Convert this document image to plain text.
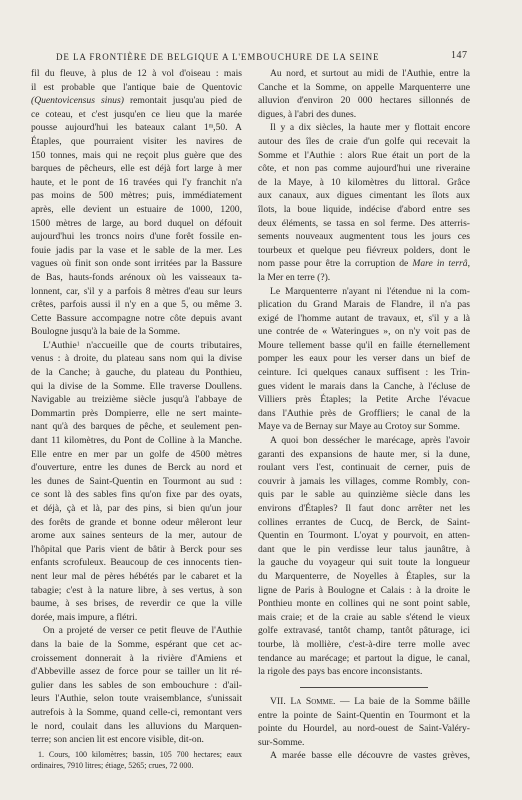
DE LA FRONTIÈRE DE BELGIQUE A L'EMBOUCHURE DE LA SEINE	147
fil du fleuve, à plus de 12 à vol d'oiseau : mais
il est probable que l'antique baie de Quentovic
(Quentovicensus sinus) remontait jusqu'au pied de
ce coteau, et c'est jusqu'en ce lieu que la marée
pousse aujourd'hui les bateaux calant 1$^m$,50. A
Étaples, que pourraient visiter les navires de
150 tonnes, mais qui ne reçoit plus guère que des
barques de pêcheurs, elle est déjà fort large à mer
haute, et le pont de 16 travées qui l'y franchit n'a
pas moins de 500 mètres; puis, immédiatement
après, elle devient un estuaire de 1000, 1200,
1500 mètres de large, au bord duquel on défouit
aujourd'hui les troncs noirs d'une forêt fossile en-
fouie jadis par la vase et le sable de la mer. Les
vagues où finit son onde sont irritées par la Bassure
de Bas, hauts-fonds arénoux où les vaisseaux ta-
lonnent, car, s'il y a parfois 8 mètres d'eau sur leurs
crêtes, parfois aussi il n'y en a que 5, ou même 3.
Cette Bassure accompagne notre côte depuis avant
Boulogne jusqu'à la baie de la Somme.
L'Authie$^1$ n'accueille que de courts tributaires,
venus : à droite, du plateau sans nom qui la divise
de la Canche; à gauche, du plateau du Ponthieu,
qui la divise de la Somme. Elle traverse Doullens.
Navigable au treizième siècle jusqu'à l'abbaye de
Dommartin près Dompierre, elle ne sert mainte-
nant qu'à des barques de pêche, et seulement pen-
dant 11 kilomètres, du Pont de Colline à la Manche.
Elle entre en mer par un golfe de 4500 mètres
d'ouverture, entre les dunes de Berck au nord et
les dunes de Saint-Quentin en Tourmont au sud :
ce sont là des sables fins qu'on fixe par des oyats,
et déjà, çà et là, par des pins, si bien qu'un jour
des forêts de grande et bonne odeur mêleront leur
arome aux saines senteurs de la mer, autour de
l'hôpital que Paris vient de bâtir à Berck pour ses
enfants scrofuleux. Beaucoup de ces innocents tien-
nent leur mal de pères hébétés par le cabaret et la
tabagie; c'est à la nature libre, à ses vertus, à son
baume, à ses brises, de reverdir ce que la ville
dorée, mais impure, a flétri.
On a projeté de verser ce petit fleuve de l'Authie
dans la baie de la Somme, espérant que cet ac-
croissement donnerait à la rivière d'Amiens et
d'Abbeville assez de force pour se tailler un lit ré-
gulier dans les sables de son embouchure : d'ail-
leurs l'Authie, selon toute vraisemblance, s'unissait
autrefois à la Somme, quand celle-ci, remontant vers
le nord, coulait dans les alluvions du Marquen-
terre; son ancien lit est encore visible, dit-on.
1. Cours, 100 kilomètres; bassin, 105 700 hectares; eaux
ordinaires, 7910 litres; étiage, 5265; crues, 72 000.
Au nord, et surtout au midi de l'Authie, entre la
Canche et la Somme, on appelle Marquenterre une
alluvion d'environ 20 000 hectares sillonnés de
digues, à l'abri des dunes.
Il y a dix siècles, la haute mer y flottait encore
autour des îles de craie d'un golfe qui recevait la
Somme et l'Authie : alors Rue était un port de la
côte, et non pas comme aujourd'hui une riveraine
de la Maye, à 10 kilomètres du littoral. Grâce
aux canaux, aux digues cimentant les îlots aux
îlots, la boue liquide, indécise d'abord entre ses
deux éléments, se tassa en sol ferme. Des atterris-
sements nouveaux augmentent tous les jours ces
tourbeux et quelque peu fiévreux polders, dont le
nom passe pour être la corruption de Mare in terrâ,
la Mer en terre (?).
Le Marquenterre n'ayant ni l'étendue ni la com-
plication du Grand Marais de Flandre, il n'a pas
exigé de l'homme autant de travaux, et, s'il y a là
une contrée de « Wateringues », on n'y voit pas de
Moure tellement basse qu'il en faille éternellement
pomper les eaux pour les verser dans un bief de
ceinture. Ici quelques canaux suffisent : les Trin-
gues vident le marais dans la Canche, à l'écluse de
Villiers près Étaples; la Petite Arche l'évacue
dans l'Authie près de Groffliers; le canal de la
Maye va de Bernay sur Maye au Crotoy sur Somme.
A quoi bon dessécher le marécage, après l'avoir
garanti des expansions de haute mer, si la dune,
roulant vers l'est, continuait de cerner, puis de
couvrir à jamais les villages, comme Rombly, con-
quis par le sable au quinzième siècle dans les
environs d'Étaples? Il faut donc arrêter net les
collines errantes de Cucq, de Berck, de Saint-
Quentin en Tourmont. L'oyat y pourvoit, en atten-
dant que le pin verdisse leur talus jaunâtre, à
la gauche du voyageur qui suit toute la longueur
du Marquenterre, de Noyelles à Étaples, sur la
ligne de Paris à Boulogne et Calais : à la droite le
Ponthieu monte en collines qui ne sont point sable,
mais craie; et de la craie au sable s'étend le vieux
golfe extravasé, tantôt champ, tantôt pâturage, ici
tourbe, là mollière, c'est-à-dire terre molle avec
tendance au marécage; et partout la digue, le canal,
la rigole des pays bas encore inconsistants.
VII. La Somme. — La baie de la Somme bâille
entre la pointe de Saint-Quentin en Tourmont et la
pointe du Hourdel, au nord-ouest de Saint-Valéry-
sur-Somme.
A marée basse elle découvre de vastes grèves,
